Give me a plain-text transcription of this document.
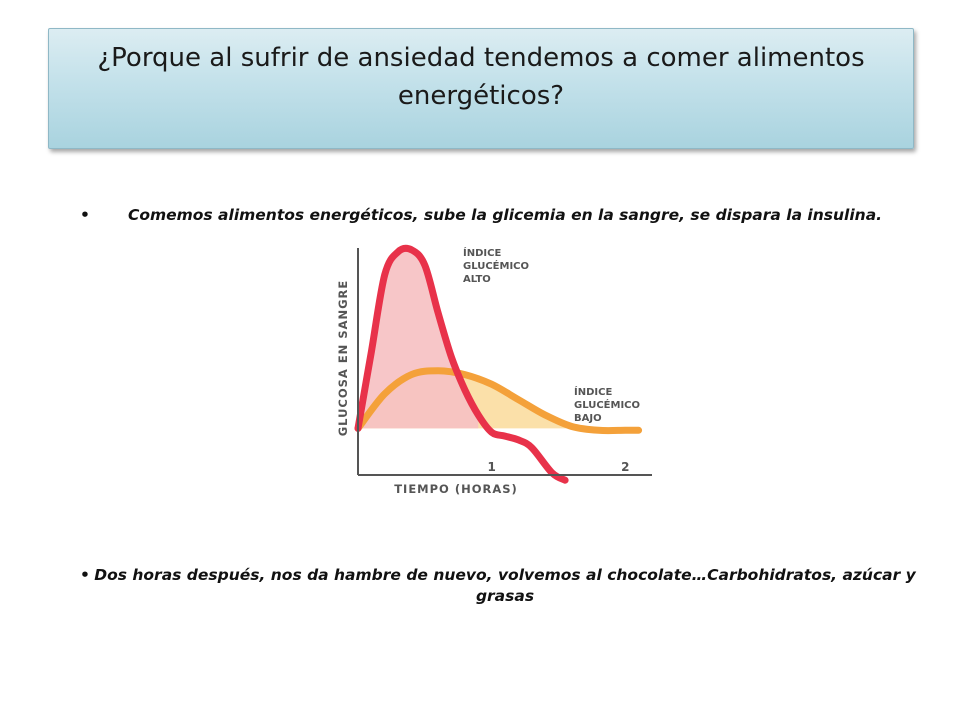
¿Porque al sufrir de ansiedad tendemos a comer alimentos energéticos?
• Comemos alimentos energéticos, sube la glicemia en la sangre, se dispara la insulina.
1	2
TIEMPO (HORAS)
GLUCOSA EN SANGRE
ÍNDICE
GLUCÉMICO
ALTO
ÍNDICE
GLUCÉMICO
BAJO
• Dos horas después, nos da hambre de nuevo, volvemos al chocolate…Carbohidratos, azúcar y grasas
